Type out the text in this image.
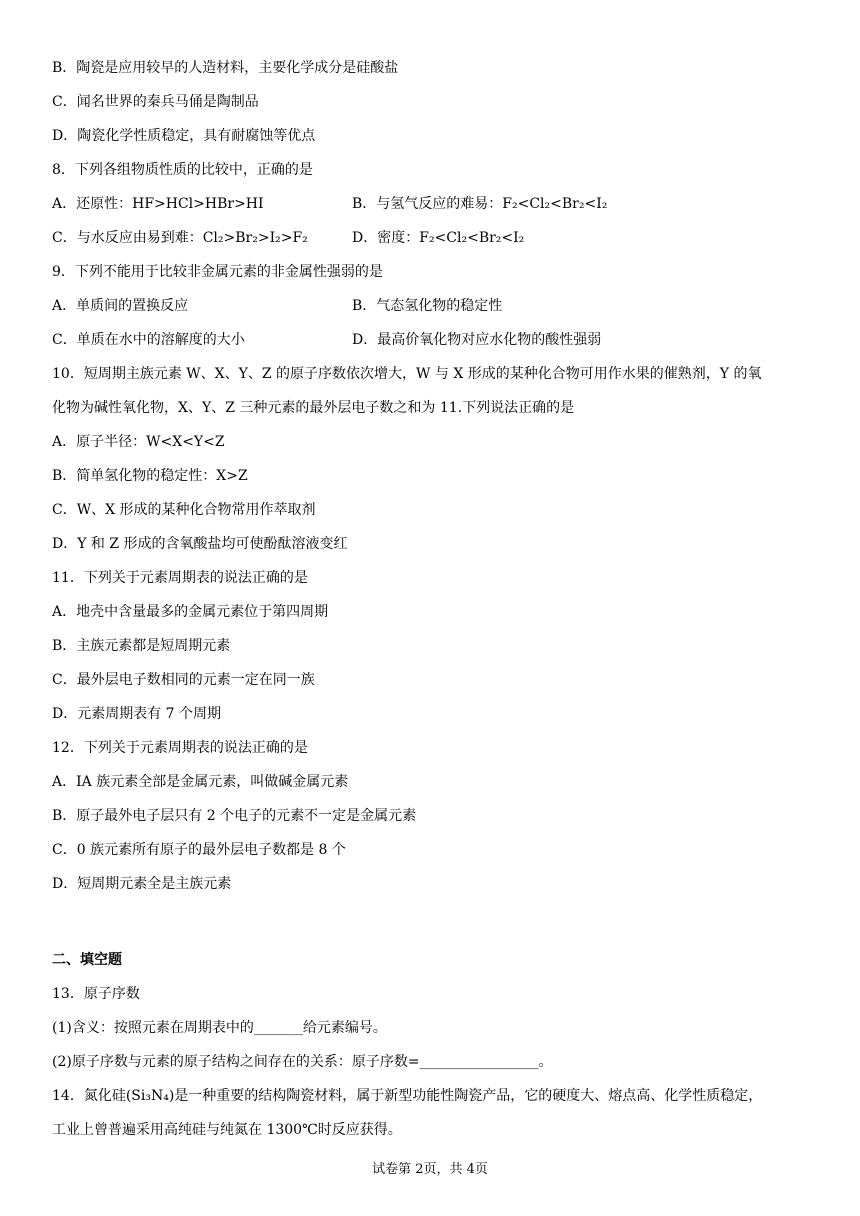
B．陶瓷是应用较早的人造材料，主要化学成分是硅酸盐
C．闻名世界的秦兵马俑是陶制品
D．陶瓷化学性质稳定，具有耐腐蚀等优点
8．下列各组物质性质的比较中，正确的是
A．还原性：HF>HCl>HBr>HI	B．与氢气反应的难易：F₂<Cl₂<Br₂<I₂
C．与水反应由易到难：Cl₂>Br₂>I₂>F₂	D．密度：F₂<Cl₂<Br₂<I₂
9．下列不能用于比较非金属元素的非金属性强弱的是
A．单质间的置换反应	B．气态氢化物的稳定性
C．单质在水中的溶解度的大小	D．最高价氧化物对应水化物的酸性强弱
10．短周期主族元素 W、X、Y、Z 的原子序数依次增大，W 与 X 形成的某种化合物可用作水果的催熟剂，Y 的氧
化物为碱性氧化物，X、Y、Z 三种元素的最外层电子数之和为 11.下列说法正确的是
A．原子半径：W<X<Y<Z
B．简单氢化物的稳定性：X>Z
C．W、X 形成的某种化合物常用作萃取剂
D．Y 和 Z 形成的含氧酸盐均可使酚酞溶液变红
11．下列关于元素周期表的说法正确的是
A．地壳中含量最多的金属元素位于第四周期
B．主族元素都是短周期元素
C．最外层电子数相同的元素一定在同一族
D．元素周期表有 7 个周期
12．下列关于元素周期表的说法正确的是
A．IA 族元素全部是金属元素，叫做碱金属元素
B．原子最外电子层只有 2 个电子的元素不一定是金属元素
C．0 族元素所有原子的最外层电子数都是 8 个
D．短周期元素全是主族元素
二、填空题
13．原子序数
(1)含义：按照元素在周期表中的_______给元素编号。
(2)原子序数与元素的原子结构之间存在的关系：原子序数=_________________。
14．氮化硅(Si₃N₄)是一种重要的结构陶瓷材料，属于新型功能性陶瓷产品，它的硬度大、熔点高、化学性质稳定，
工业上曾普遍采用高纯硅与纯氮在 1300℃时反应获得。
试卷第 2页，共 4页
